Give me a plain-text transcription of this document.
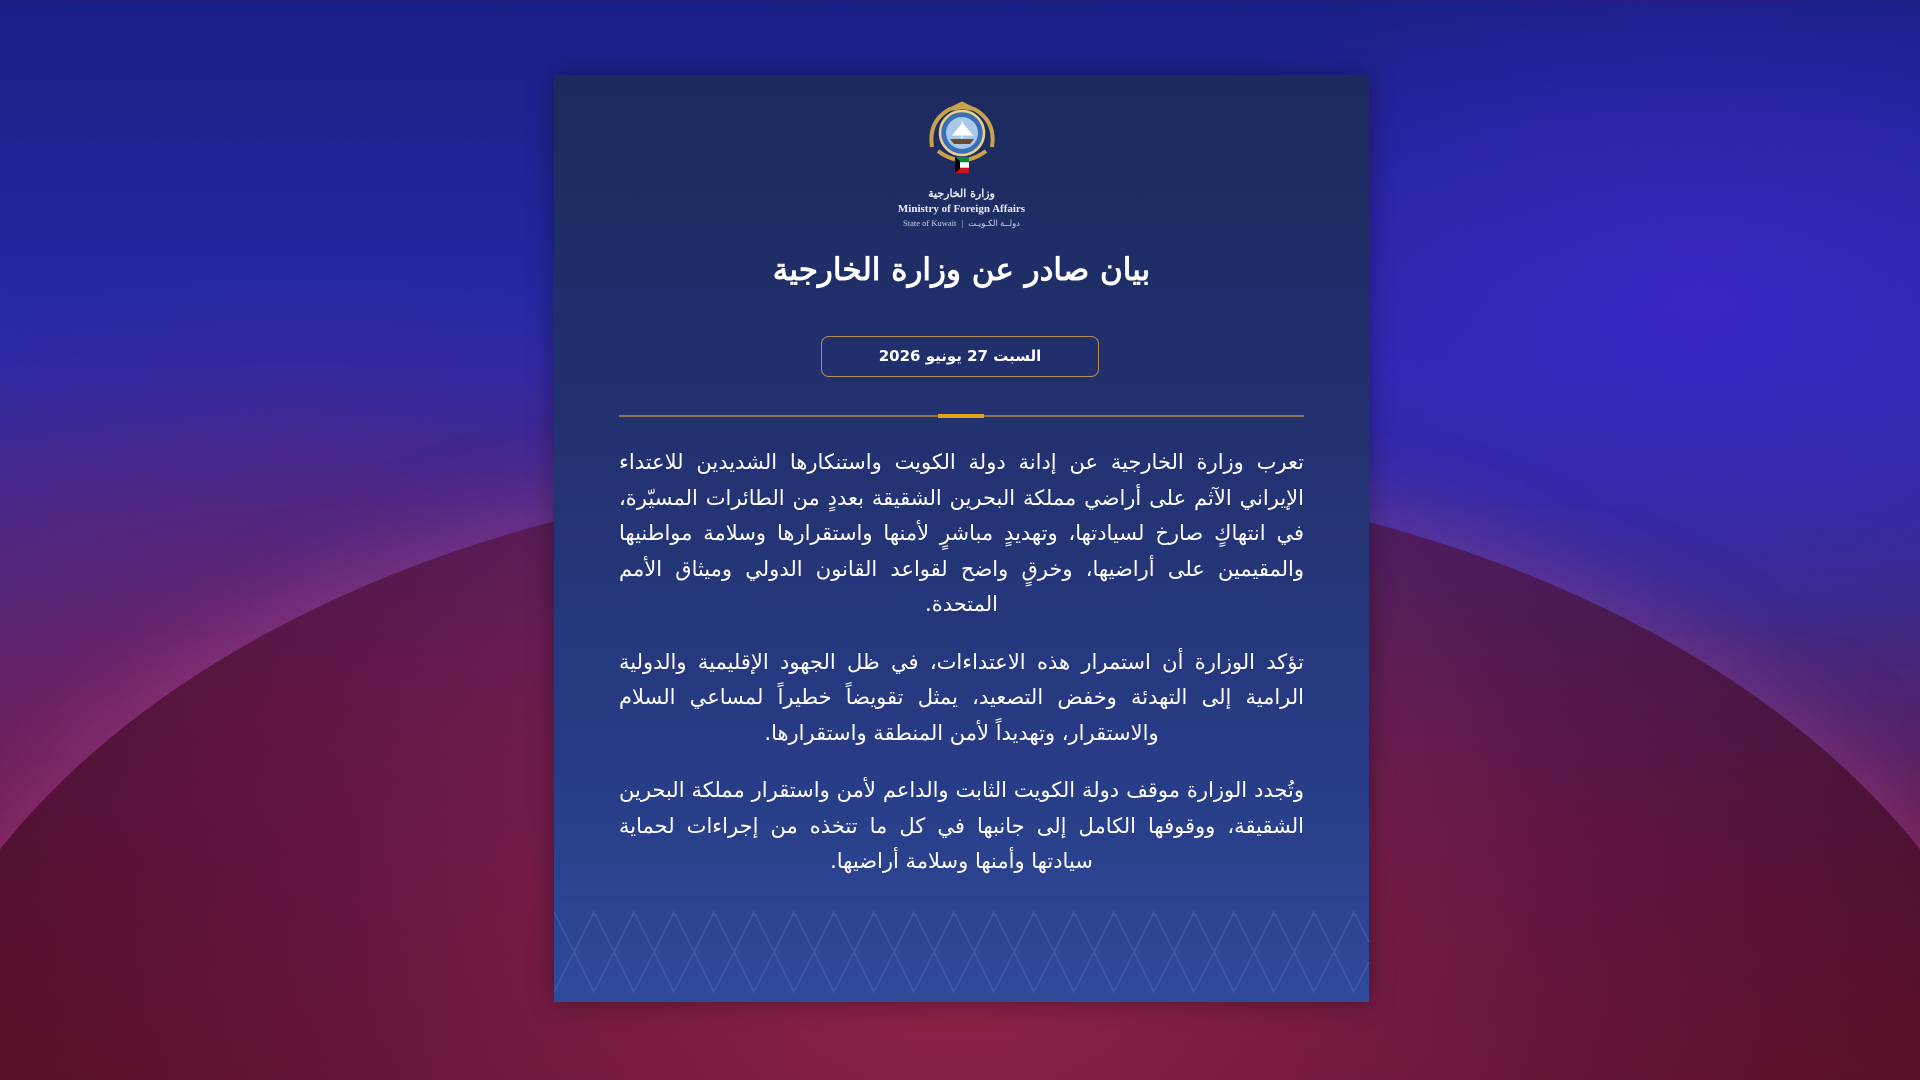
وزارة الخارجية
Ministry of Foreign Affairs
State of Kuwait | دولــة الكـويـت
بيان صادر عن وزارة الخارجية
السبت 27 يونيو 2026

تعرب وزارة الخارجية عن إدانة دولة الكويت واستنكارها الشديدين للاعتداء الإيراني الآثم على أراضي مملكة البحرين الشقيقة بعددٍ من الطائرات المسيّرة، في انتهاكٍ صارخ لسيادتها، وتهديدٍ مباشرٍ لأمنها واستقرارها وسلامة مواطنيها والمقيمين على أراضيها، وخرقٍ واضح لقواعد القانون الدولي وميثاق الأمم المتحدة.

تؤكد الوزارة أن استمرار هذه الاعتداءات، في ظل الجهود الإقليمية والدولية الرامية إلى التهدئة وخفض التصعيد، يمثل تقويضاً خطيراً لمساعي السلام والاستقرار، وتهديداً لأمن المنطقة واستقرارها.

وتُجدد الوزارة موقف دولة الكويت الثابت والداعم لأمن واستقرار مملكة البحرين الشقيقة، ووقوفها الكامل إلى جانبها في كل ما تتخذه من إجراءات لحماية سيادتها وأمنها وسلامة أراضيها.
